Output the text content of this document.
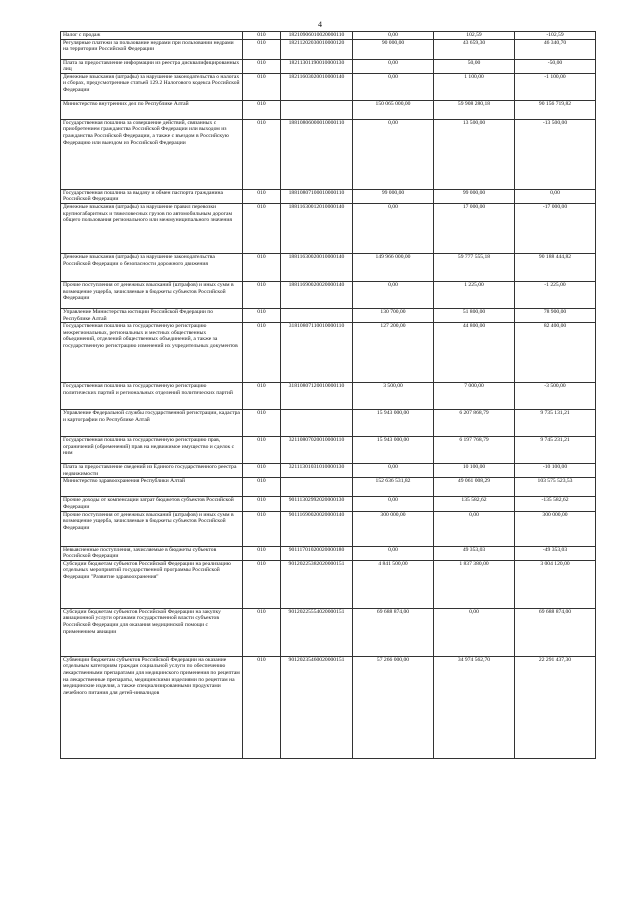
4
Налог с продаж	010	18210906010020000110	0,00	102,59	-102,59
Регулярные платежи за пользование недрами при пользовании недрами на территории Российской Федерации	010	18211202030010000120	90 000,00	43 659,30	46 340,70
Плата за предоставление информации из реестра дисквалифицированных лиц	010	18211301190010000130	0,00	50,00	-50,00
Денежные взыскания (штрафы) за нарушение законодательства о налогах и сборах, предусмотренные статьей 129.2 Налогового кодекса Российской Федерации	010	18211603020010000140	0,00	1 100,00	-1 100,00
Министерство внутренних дел по Республике Алтай	010		150 065 000,00	59 908 280,18	90 156 719,82
Государственная пошлина за совершение действий, связанных с приобретением гражданства Российской Федерации или выходом из гражданства Российской Федерации, а также с въездом в Российскую Федерацию или выездом из Российской Федерации	010	18810806000010000110	0,00	13 500,00	-13 500,00
Государственная пошлина за выдачу и обмен паспорта гражданина Российской Федерации	010	18810807100010000110	99 000,00	99 000,00	0,00
Денежные взыскания (штрафы) за нарушение правил перевозки крупногабаритных и тяжеловесных грузов по автомобильным дорогам общего пользования регионального или межмуниципального значения	010	18811630012010000140	0,00	17 000,00	-17 000,00
Денежные взыскания (штрафы) за нарушение законодательства Российской Федерации о безопасности дорожного движения	010	18811630020010000140	149 966 000,00	59 777 555,18	90 188 444,82
Прочие поступления от денежных взысканий (штрафов) и иных сумм в возмещение ущерба, зачисляемые в бюджеты субъектов Российской Федерации	010	18811690020020000140	0,00	1 225,00	-1 225,00
Управление Министерства юстиции Российской Федерации по Республике Алтай	010		130 700,00	51 800,00	78 900,00
Государственная пошлина за государственную регистрацию межрегиональных, региональных и местных общественных объединений, отделений общественных объединений, а также за государственную регистрацию изменений их учредительных документов	010	31810807110010000110	127 200,00	44 800,00	82 400,00
Государственная пошлина за государственную регистрацию политических партий и региональных отделений политических партий	010	31810807120010000110	3 500,00	7 000,00	-3 500,00
Управление Федеральной службы государственной регистрации, кадастра и картографии по Республике Алтай	010		15 943 000,00	6 207 868,79	9 735 131,21
Государственная пошлина за государственную регистрацию прав, ограничений (обременений) прав на недвижимое имущество и сделок с ним	010	32110807020010000110	15 943 000,00	6 197 768,79	9 745 231,21
Плата за предоставление сведений из Единого государственного реестра недвижимости	010	32111301031010000130	0,00	10 100,00	-10 100,00
Министерство здравоохранения Республики Алтай	010		152 636 531,82	49 061 008,29	103 575 523,53
Прочие доходы от компенсации затрат бюджетов субъектов Российской Федерации	010	90111302992020000130	0,00	135 582,62	-135 582,62
Прочие поступления от денежных взысканий (штрафов) и иных сумм в возмещение ущерба, зачисляемые в бюджеты субъектов Российской Федерации	010	90111690020020000140	300 000,00	0,00	300 000,00
Невыясненные поступления, зачисляемые в бюджеты субъектов Российской Федерации	010	90111701020020000180	0,00	49 353,03	-49 353,03
Субсидии бюджетам субъектов Российской Федерации на реализацию отдельных мероприятий государственной программы Российской Федерации "Развитие здравоохранения"	010	90120225382020000151	4 841 500,00	1 837 380,00	3 004 120,00
Субсидии бюджетам субъектов Российской Федерации на закупку авиационной услуги органами государственной власти субъектов Российской Федерации для оказания медицинской помощи с применением авиации	010	90120225554020000151	69 688 874,00	0,00	69 688 874,00
Субвенции бюджетам субъектов Российской Федерации на оказание отдельным категориям граждан социальной услуги по обеспечению лекарственными препаратами для медицинского применения по рецептам на лекарственные препараты, медицинскими изделиями по рецептам на медицинские изделия, а также специализированными продуктами лечебного питания для детей-инвалидов	010	90120235460020000151	57 266 000,00	34 974 562,70	22 291 437,30
